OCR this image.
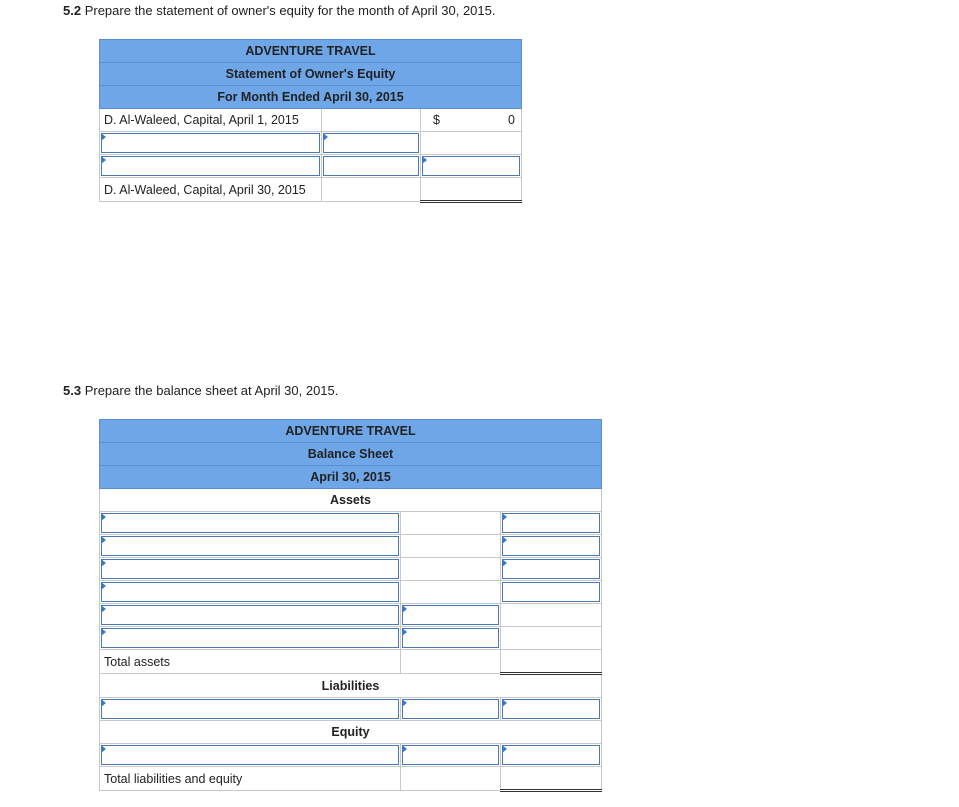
5.2 Prepare the statement of owner's equity for the month of April 30, 2015.
ADVENTURE TRAVEL		
Statement of Owner's Equity		
For Month Ended April 30, 2015		
D. Al-Waleed, Capital, April 1, 2015		$ 0

D. Al-Waleed, Capital, April 30, 2015		
5.3 Prepare the balance sheet at April 30, 2015.
ADVENTURE TRAVEL		
Balance Sheet		
April 30, 2015		
Assets		

Total assets		
Liabilities		

Equity		

Total liabilities and equity		
